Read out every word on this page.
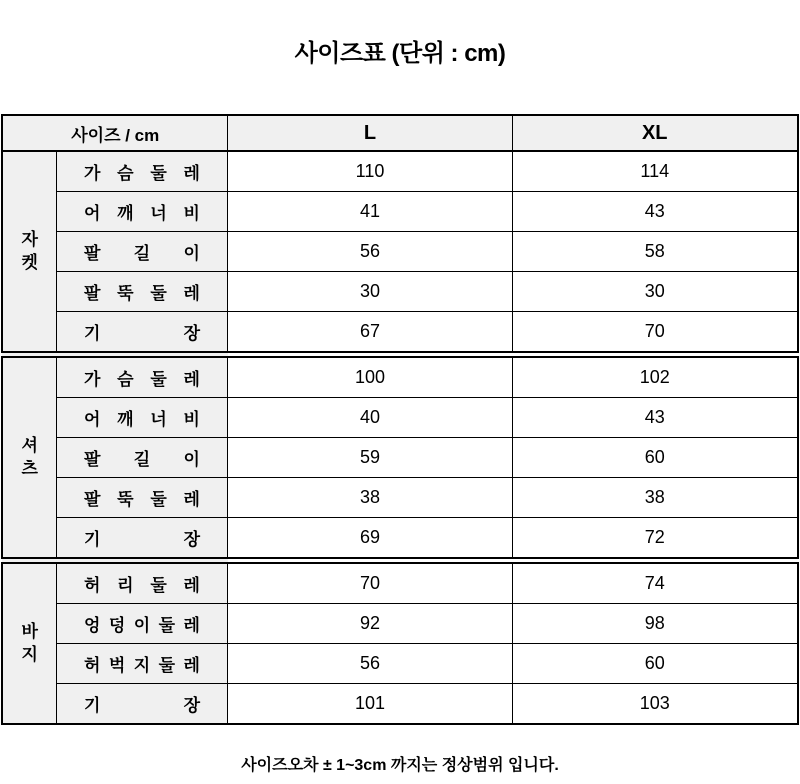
사이즈표 (단위 : cm)
사이즈 / cm		L	XL

자
켓	가 슴 둘 레	110	114

	어 깨 너 비	41	43

	팔 길 이	56	58

	팔 뚝 둘 레	30	30

	기 장	67	70

셔
츠	가 슴 둘 레	100	102

	어 깨 너 비	40	43

	팔 길 이	59	60

	팔 뚝 둘 레	38	38

	기 장	69	72

바
지	허 리 둘 레	70	74

	엉 덩 이 둘 레	92	98

	허 벅 지 둘 레	56	60

	기 장	101	103

사이즈오차 ± 1~3cm 까지는 정상범위 입니다.
